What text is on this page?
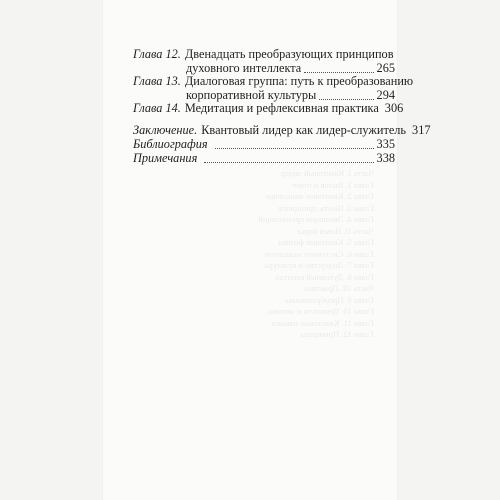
Часть I. Квантовый лидер
Глава 1. Вызов и ответ
Глава 2. Квантовое мышление
Глава 3. Шесть принципов
Глава 4. Эволюция организаций
Часть II. Новая наука
Глава 5. Квантовая физика
Глава 6. Системное мышление
Глава 7. Лидерство и культура
Глава 8. Духовный капитал
Часть III. Практика
Глава 9. Преобразование
Глава 10. Ценности и мотивы
Глава 11. Квантовые навыки
Глава 12. Принципы
Глава 12. Двенадцать преобразующих принципов
духовного интеллекта	265
Глава 13. Диалоговая группа: путь к преобразованию
корпоративной культуры	294
Глава 14. Медитация и рефлексивная практика 306
Заключение. Квантовый лидер как лидер-служитель 317
Библиография	335
Примечания	338
